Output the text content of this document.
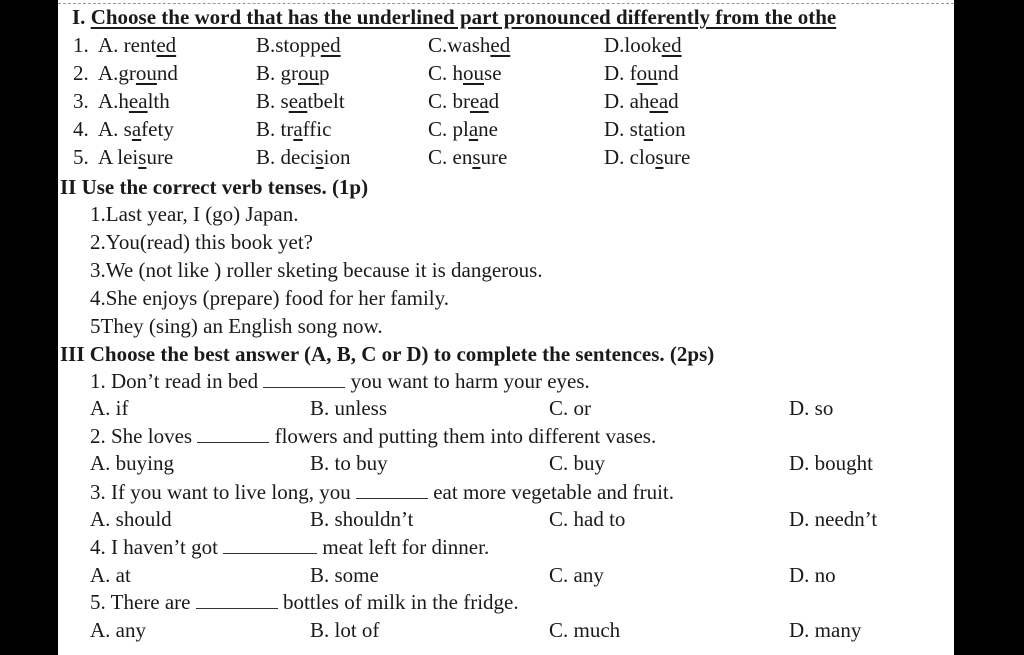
I. Choose the word that has the underlined part pronounced differently from the othe
1. A. rented	B.stopped	C.washed	D.looked
2. A.ground	B. group	C. house	D. found
3. A.health	B. seatbelt	C. bread	D. ahead
4. A. safety	B. traffic	C. plane	D. station
5. A leisure	B. decision	C. ensure	D. closure
II Use the correct verb tenses. (1p)
1.Last year, I (go) Japan.
2.You(read) this book yet?
3.We (not like ) roller sketing because it is dangerous.
4.She enjoys (prepare) food for her family.
5They (sing) an English song now.
III Choose the best answer (A, B, C or D) to complete the sentences. (2ps)
1. Don’t read in bed	you want to harm your eyes.
A. if	B. unless	C. or	D. so
2. She loves	flowers and putting them into different vases.
A. buying	B. to buy	C. buy	D. bought
3. If you want to live long, you	eat more vegetable and fruit.
A. should	B. shouldn’t	C. had to	D. needn’t
4. I haven’t got	meat left for dinner.
A. at	B. some	C. any	D. no
5. There are	bottles of milk in the fridge.
A. any	B. lot of	C. much	D. many
